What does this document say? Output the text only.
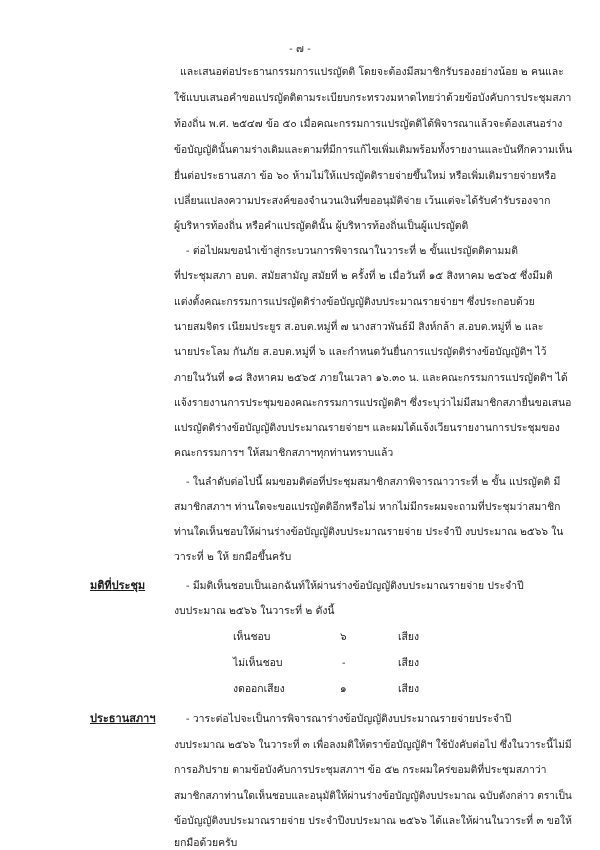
- ๗ -
และเสนอต่อประธานกรรมการแปรญัตติ โดยจะต้องมีสมาชิกรับรองอย่างน้อย ๒ คนและ
ใช้แบบเสนอคำขอแปรญัตติตามระเบียบกระทรวงมหาดไทยว่าด้วยข้อบังคับการประชุมสภา
ท้องถิ่น พ.ศ. ๒๕๔๗ ข้อ ๕๐ เมื่อคณะกรรมการแปรญัตติได้พิจารณาแล้วจะต้องเสนอร่าง
ข้อบัญญัตินั้นตามร่างเดิมและตามที่มีการแก้ไขเพิ่มเติมพร้อมทั้งรายงานและบันทึกความเห็น
ยื่นต่อประธานสภา ข้อ ๖๐ ห้ามไม่ให้แปรญัตติรายจ่ายขึ้นใหม่ หรือเพิ่มเติมรายจ่ายหรือ
เปลี่ยนแปลงความประสงค์ของจำนวนเงินที่ขออนุมัติจ่าย เว้นแต่จะได้รับคำรับรองจาก
ผู้บริหารท้องถิ่น หรือคำแปรญัตตินั้น ผู้บริหารท้องถิ่นเป็นผู้แปรญัตติ
- ต่อไปผมขอนำเข้าสู่กระบวนการพิจารณาในวาระที่ ๒ ขั้นแปรญัตติตามมติ
ที่ประชุมสภา อบต. สมัยสามัญ สมัยที่ ๒ ครั้งที่ ๒ เมื่อวันที่ ๑๕ สิงหาคม ๒๕๖๕ ซึ่งมีมติ
แต่งตั้งคณะกรรมการแปรญัตติร่างข้อบัญญัติงบประมาณรายจ่ายฯ ซึ่งประกอบด้วย
นายสมจิตร เนียมประยูร ส.อบต.หมู่ที่ ๗ นางสาวพันธ์มี สิงห์กล้า ส.อบต.หมู่ที่ ๒ และ
นายประโลม กันภัย ส.อบต.หมู่ที่ ๖ และกำหนดวันยื่นการแปรญัตติร่างข้อบัญญัติฯ ไว้
ภายในวันที่ ๑๘ สิงหาคม ๒๕๖๕ ภายในเวลา ๑๖.๓๐ น. และคณะกรรมการแปรญัตติฯ ได้
แจ้งรายงานการประชุมของคณะกรรมการแปรญัตติฯ ซึ่งระบุว่าไม่มีสมาชิกสภายื่นขอเสนอ
แปรญัตติร่างข้อบัญญัติงบประมาณรายจ่ายฯ และผมได้แจ้งเวียนรายงานการประชุมของ
คณะกรรมการฯ ให้สมาชิกสภาฯทุกท่านทราบแล้ว
- ในลำดับต่อไปนี้ ผมขอมติต่อที่ประชุมสมาชิกสภาพิจารณาวาระที่ ๒ ขั้น แปรญัตติ มี
สมาชิกสภาฯ ท่านใดจะขอแปรญัตติอีกหรือไม่ หากไม่มีกระผมจะถามที่ประชุมว่าสมาชิก
ท่านใดเห็นชอบให้ผ่านร่างข้อบัญญัติงบประมาณรายจ่าย ประจำปี งบประมาณ ๒๕๖๖ ใน
วาระที่ ๒ ให้ ยกมือขึ้นครับ
มติที่ประชุม	- มีมติเห็นชอบเป็นเอกฉันท์ให้ผ่านร่างข้อบัญญัติงบประมาณรายจ่าย ประจำปี
งบประมาณ ๒๕๖๖ ในวาระที่ ๒ ดังนี้
เห็นชอบ	๖	เสียง
ไม่เห็นชอบ	-	เสียง
งดออกเสียง	๑	เสียง
ประธานสภาฯ	- วาระต่อไปจะเป็นการพิจารณาร่างข้อบัญญัติงบประมาณรายจ่ายประจำปี
งบประมาณ ๒๕๖๖ ในวาระที่ ๓ เพื่อลงมติให้ตราข้อบัญญัติฯ ใช้บังคับต่อไป ซึ่งในวาระนี้ไม่มี
การอภิปราย ตามข้อบังคับการประชุมสภาฯ ข้อ ๕๒ กระผมใคร่ขอมติที่ประชุมสภาว่า
สมาชิกสภาท่านใดเห็นชอบและอนุมัติให้ผ่านร่างข้อบัญญัติงบประมาณ ฉบับดังกล่าว ตราเป็น
ข้อบัญญัติงบประมาณรายจ่าย ประจำปีงบประมาณ ๒๕๖๖ ได้และให้ผ่านในวาระที่ ๓ ขอให้
ยกมือด้วยครับ
